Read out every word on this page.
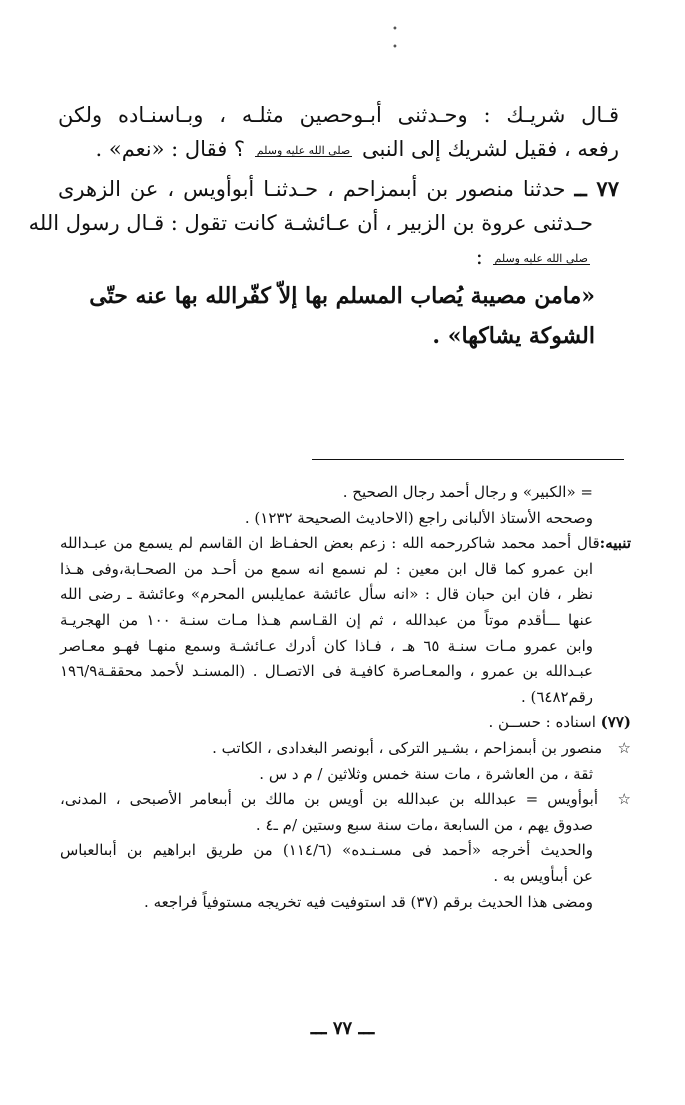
•
•
قـال شريـك : وحـدثنى أبـوحصين مثلـه ، وبـاسنـاده ولكن
رفعه ، فقيل لشريك إلى النبى صلى الله عليه وسلم ؟ فقال : «نعم» .
٧٧ ــ حدثنا منصور بن أبىمزاحم ، حـدثنـا أبوأويس ، عن الزهرى
حـدثنى عروة بن الزبير ، أن عـائشـة كانت تقول : قـال رسول الله
صلى الله عليه وسلم :
«مامن مصيبة يُصاب المسلم بها إلاّ كفّرالله بها عنه حتّى
الشوكة يشاكها» .
= «الكبير» و رجال أحمد رجال الصحيح .
وصححه الأستاذ الألبانى راجع (الاحاديث الصحيحة ١٢٣٢) .
تنبيه:قال أحمد محمد شاكررحمه الله : زعم بعض الحفـاظ ان القاسم لم يسمع من عبـدالله
ابن عمرو كما قال ابن معين : لم نسمع انه سمع من أحـد من الصحـابة،وفى هـذا
نظر ، فان ابن حبان قال : «انه سأل عائشة عمايلبس المحرم» وعائشة ـ رضى الله
عنها ـــأقدم موتاً من عبدالله ، ثم إن القـاسم هـذا مـات سنـة ١٠٠ من الهجريـة
وابن عمرو مـات سنـة ٦٥ هـ ، فـاذا كان أدرك عـائشـة وسمع منهـا فهـو معـاصر
عبـدالله بن عمرو ، والمعـاصرة كافيـة فى الاتصـال . (المسنـد لأحمد محققـة١٩٦/٩
رقم٦٤٨٢) .
(٧٧) اسناده : حســن .
☆ منصور بن أبىمزاحم ، بشـير التركى ، أبونصر البغدادى ، الكاتب .
ثقة ، من العاشرة ، مات سنة خمس وثلاثين / م د س .
☆ أبوأويس = عبدالله بن عبدالله بن أويس بن مالك بن أبىعامر الأصبحى ، المدنى،
صدوق يهم ، من السابعة ،مات سنة سبع وستين /م ـ٤ .
والحديث أخرجه «أحمد فى مسـنـده» (١١٤/٦) من طريق ابراهيم بن أبىالعباس
عن أبىأويس به .
ومضى هذا الحديث برقم (٣٧) قد استوفيت فيه تخريجه مستوفياً فراجعه .
ـــ ٧٧ ـــ
